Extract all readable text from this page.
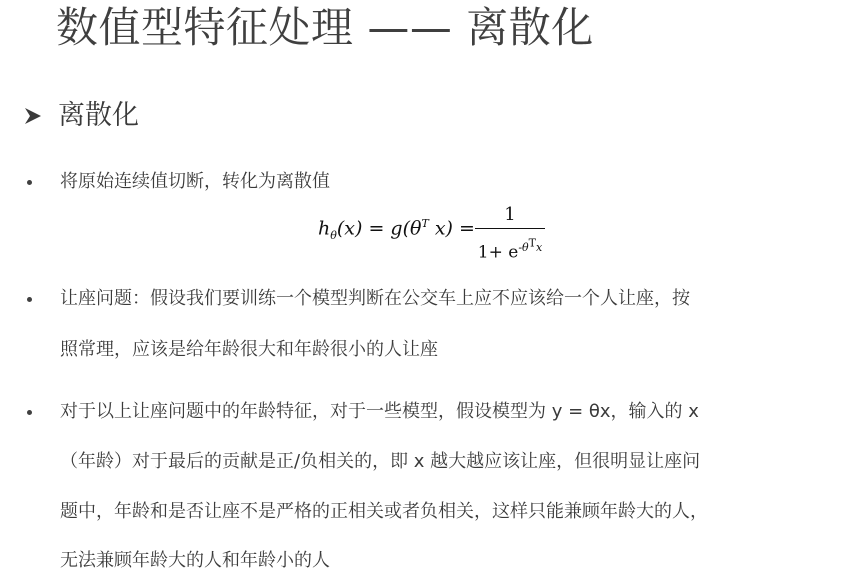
数值型特征处理 —— 离散化
离散化
将原始连续值切断，转化为离散值
$h_\theta(x) = g(\theta^T$ x) =
1
$1+ e^{-\theta^Tx}$
让座问题：假设我们要训练一个模型判断在公交车上应不应该给一个人让座，按
照常理，应该是给年龄很大和年龄很小的人让座
对于以上让座问题中的年龄特征，对于一些模型，假设模型为 y = θx，输入的 x
（年龄）对于最后的贡献是正/负相关的，即 x 越大越应该让座，但很明显让座问
题中，年龄和是否让座不是严格的正相关或者负相关，这样只能兼顾年龄大的人，
无法兼顾年龄大的人和年龄小的人
